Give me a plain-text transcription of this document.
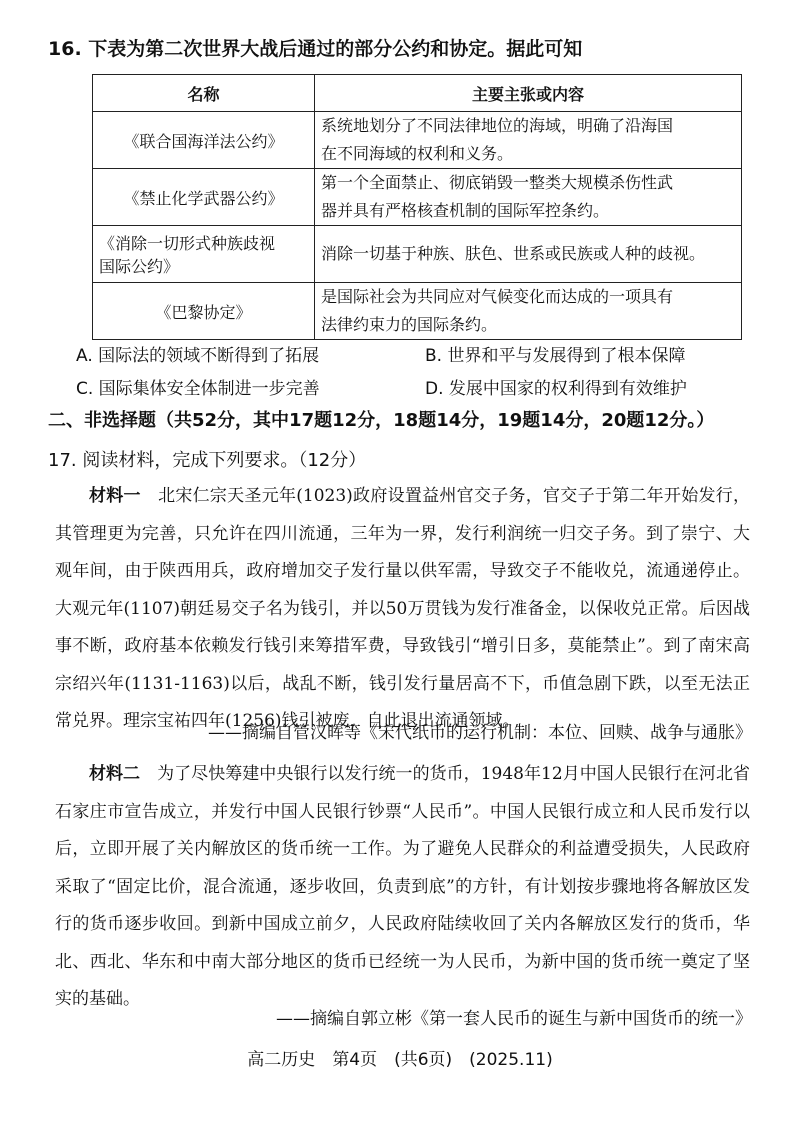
16. 下表为第二次世界大战后通过的部分公约和协定。据此可知
名称	主要主张或内容
《联合国海洋法公约》	系统地划分了不同法律地位的海域，明确了沿海国
在不同海域的权利和义务。

《禁止化学武器公约》	第一个全面禁止、彻底销毁一整类大规模杀伤性武
器并具有严格核查机制的国际军控条约。

《消除一切形式种族歧视
国际公约》	消除一切基于种族、肤色、世系或民族或人种的歧视。

《巴黎协定》	是国际社会为共同应对气候变化而达成的一项具有
法律约束力的国际条约。
A. 国际法的领域不断得到了拓展	B. 世界和平与发展得到了根本保障
C. 国际集体安全体制进一步完善	D. 发展中国家的权利得到有效维护
二、非选择题（共52分，其中17题12分，18题14分，19题14分，20题12分。）
17. 阅读材料，完成下列要求。（12分）
材料一　 北宋仁宗天圣元年(1023)政府设置益州官交子务，官交子于第二年开始发行，其管理更为完善，只允许在四川流通，三年为一界，发行利润统一归交子务。到了崇宁、大观年间，由于陕西用兵，政府增加交子发行量以供军需，导致交子不能收兑，流通递停止。大观元年(1107)朝廷易交子名为钱引，并以50万贯钱为发行准备金，以保收兑正常。后因战事不断，政府基本依赖发行钱引来筹措军费，导致钱引“增引日多，莫能禁止”。到了南宋高宗绍兴年(1131-1163)以后，战乱不断，钱引发行量居高不下，币值急剧下跌，以至无法正常兑界。理宗宝祐四年(1256)钱引被废，自此退出流通领域。
——摘编自管汉晖等《宋代纸币的运行机制：本位、回赎、战争与通胀》
材料二　 为了尽快筹建中央银行以发行统一的货币，1948年12月中国人民银行在河北省石家庄市宣告成立，并发行中国人民银行钞票“人民币”。中国人民银行成立和人民币发行以后，立即开展了关内解放区的货币统一工作。为了避免人民群众的利益遭受损失，人民政府采取了“固定比价，混合流通，逐步收回，负责到底”的方针，有计划按步骤地将各解放区发行的货币逐步收回。到新中国成立前夕，人民政府陆续收回了关内各解放区发行的货币，华北、西北、华东和中南大部分地区的货币已经统一为人民币，为新中国的货币统一奠定了坚实的基础。
——摘编自郭立彬《第一套人民币的诞生与新中国货币的统一》
高二历史　第4页　(共6页)　(2025.11)
